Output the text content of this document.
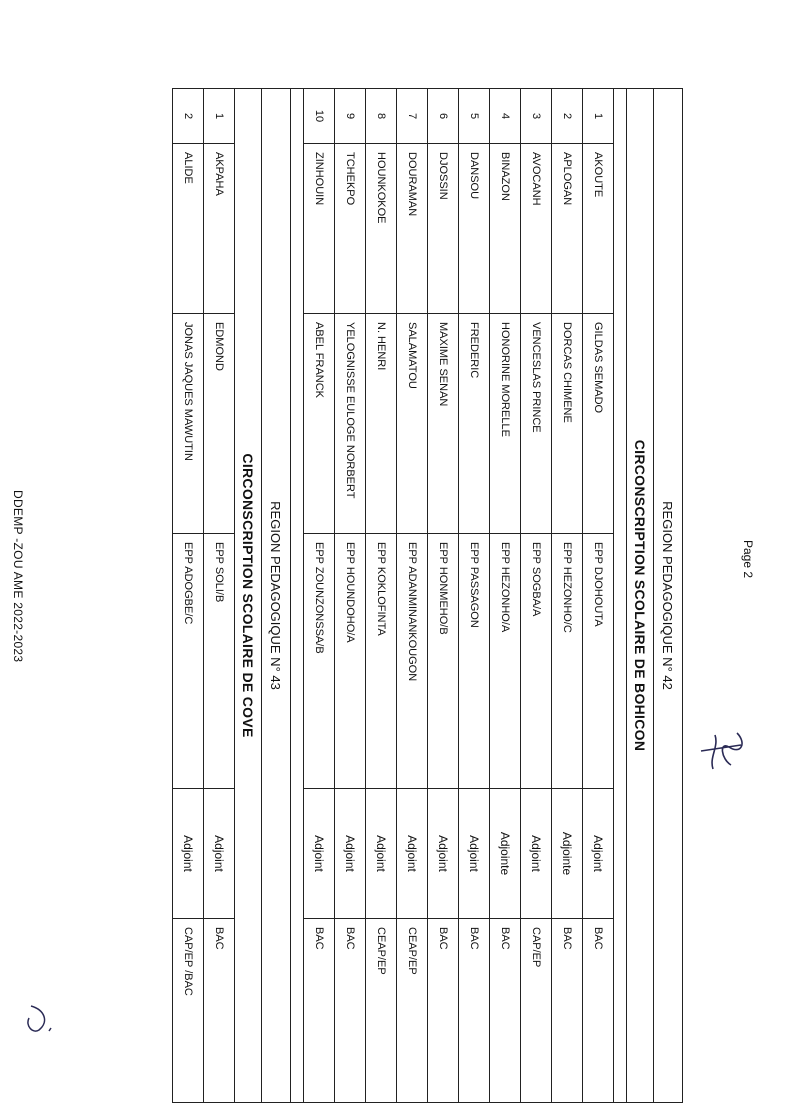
Page 2
REGION PEDAGOGIQUE N° 42					
CIRCONSCRIPTION SCOLAIRE DE BOHICON					

1	AKOUTE	GILDAS SEMADO	EPP DJOHOUTA	Adjoint	BAC
2	APLOGAN	DORCAS CHIMENE	EPP HEZONHO/C	Adjointe	BAC
3	AVOCANH	VENCESLAS PRINCE	EPP SOGBA/A	Adjoint	CAP/EP
4	BINAZON	HONORINE MORELLE	EPP HEZONHO/A	Adjointe	BAC
5	DANSOU	FREDERIC	EPP PASSAGON	Adjoint	BAC
6	DJOSSIN	MAXIME SENAN	EPP HONMEHO/B	Adjoint	BAC
7	DOURAMAN	SALAMATOU	EPP ADANMINANKOUGON	Adjoint	CEAP/EP
8	HOUNKOKOE	N. HENRI	EPP KOKLOFINTA	Adjoint	CEAP/EP
9	TCHEKPO	YELOGNISSE EULOGE NORBERT	EPP HOUNDOHO/A	Adjoint	BAC
10	ZINHOUIN	ABEL FRANCK	EPP ZOUNZONSSA/B	Adjoint	BAC

REGION PEDAGOGIQUE N° 43					
CIRCONSCRIPTION SCOLAIRE DE COVE					
1	AKPAHA	EDMOND	EPP SOLI/B	Adjoint	BAC
2	ALIDE	JONAS JAQUES MAWUTIN	EPP ADOGBE/C	Adjoint	CAP/EP /BAC
DDEMP -ZOU AME 2022-2023
